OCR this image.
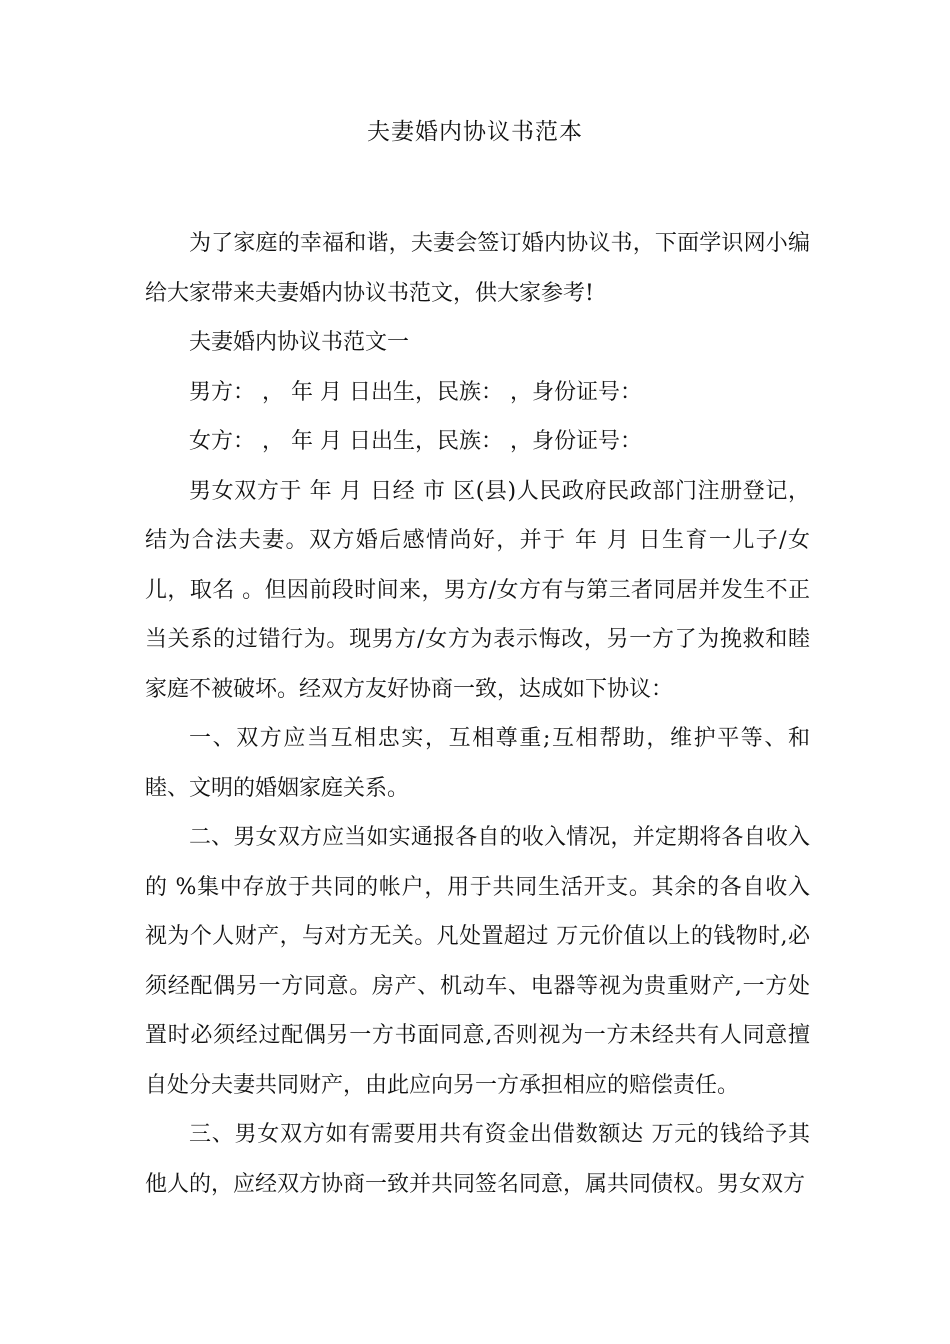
夫妻婚内协议书范本

为了家庭的幸福和谐，夫妻会签订婚内协议书，下面学识网小编给大家带来夫妻婚内协议书范文，供大家参考!

夫妻婚内协议书范文一

男方： ， 年 月 日出生，民族： ，身份证号：

女方： ， 年 月 日出生，民族： ，身份证号：

男女双方于 年 月 日经 市 区(县)人民政府民政部门注册登记，结为合法夫妻。双方婚后感情尚好，并于 年 月 日生育一儿子/女儿，取名 。但因前段时间来，男方/女方有与第三者同居并发生不正当关系的过错行为。现男方/女方为表示悔改，另一方了为挽救和睦家庭不被破坏。经双方友好协商一致，达成如下协议：

一、双方应当互相忠实，互相尊重;互相帮助，维护平等、和睦、文明的婚姻家庭关系。

二、男女双方应当如实通报各自的收入情况，并定期将各自收入的 %集中存放于共同的帐户，用于共同生活开支。其余的各自收入视为个人财产，与对方无关。凡处置超过 万元价值以上的钱物时,必须经配偶另一方同意。房产、机动车、电器等视为贵重财产,一方处置时必须经过配偶另一方书面同意,否则视为一方未经共有人同意擅自处分夫妻共同财产，由此应向另一方承担相应的赔偿责任。

三、男女双方如有需要用共有资金出借数额达 万元的钱给予其他人的，应经双方协商一致并共同签名同意，属共同债权。男女双方
